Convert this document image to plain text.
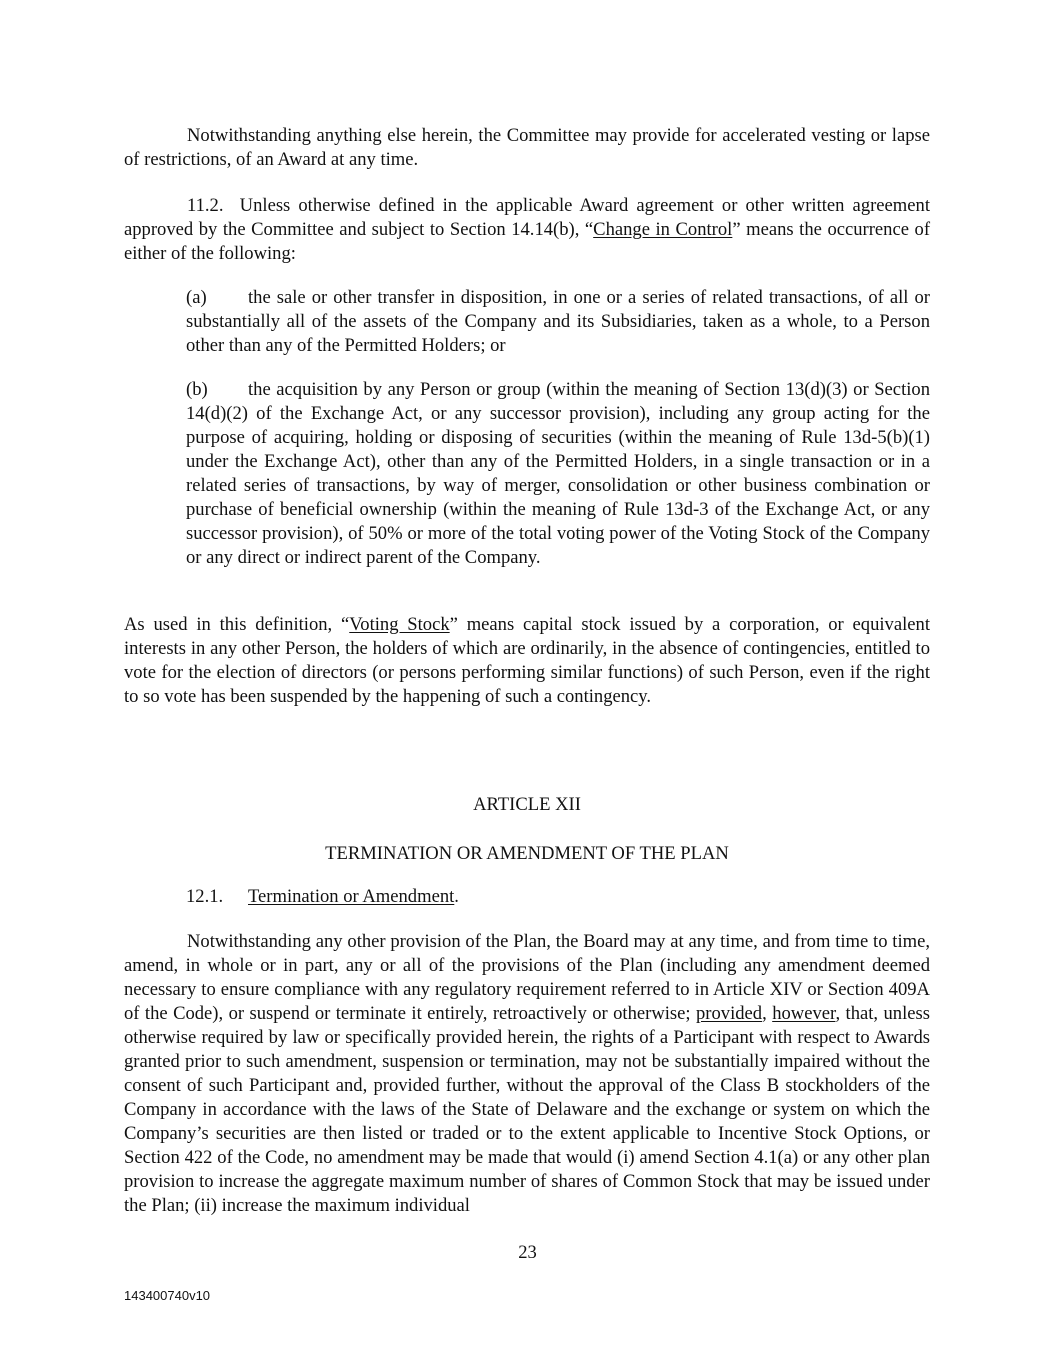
Notwithstanding anything else herein, the Committee may provide for accelerated vesting or lapse of restrictions, of an Award at any time.

11.2.  Unless otherwise defined in the applicable Award agreement or other written agreement approved by the Committee and subject to Section 14.14(b), “Change in Control” means the occurrence of either of the following:

(a) the sale or other transfer in disposition, in one or a series of related transactions, of all or substantially all of the assets of the Company and its Subsidiaries, taken as a whole, to a Person other than any of the Permitted Holders; or

(b) the acquisition by any Person or group (within the meaning of Section 13(d)(3) or Section 14(d)(2) of the Exchange Act, or any successor provision), including any group acting for the purpose of acquiring, holding or disposing of securities (within the meaning of Rule 13d-5(b)(1) under the Exchange Act), other than any of the Permitted Holders, in a single transaction or in a related series of transactions, by way of merger, consolidation or other business combination or purchase of beneficial ownership (within the meaning of Rule 13d-3 of the Exchange Act, or any successor provision), of 50% or more of the total voting power of the Voting Stock of the Company or any direct or indirect parent of the Company.

As used in this definition, “Voting Stock” means capital stock issued by a corporation, or equivalent interests in any other Person, the holders of which are ordinarily, in the absence of contingencies, entitled to vote for the election of directors (or persons performing similar functions) of such Person, even if the right to so vote has been suspended by the happening of such a contingency.

ARTICLE XII

TERMINATION OR AMENDMENT OF THE PLAN

12.1. Termination or Amendment.

Notwithstanding any other provision of the Plan, the Board may at any time, and from time to time, amend, in whole or in part, any or all of the provisions of the Plan (including any amendment deemed necessary to ensure compliance with any regulatory requirement referred to in Article XIV or Section 409A of the Code), or suspend or terminate it entirely, retroactively or otherwise; provided, however, that, unless otherwise required by law or specifically provided herein, the rights of a Participant with respect to Awards granted prior to such amendment, suspension or termination, may not be substantially impaired without the consent of such Participant and, provided further, without the approval of the Class B stockholders of the Company in accordance with the laws of the State of Delaware and the exchange or system on which the Company’s securities are then listed or traded or to the extent applicable to Incentive Stock Options, or Section 422 of the Code, no amendment may be made that would (i) amend Section 4.1(a) or any other plan provision to increase the aggregate maximum number of shares of Common Stock that may be issued under the Plan; (ii) increase the maximum individual

23
143400740v10
